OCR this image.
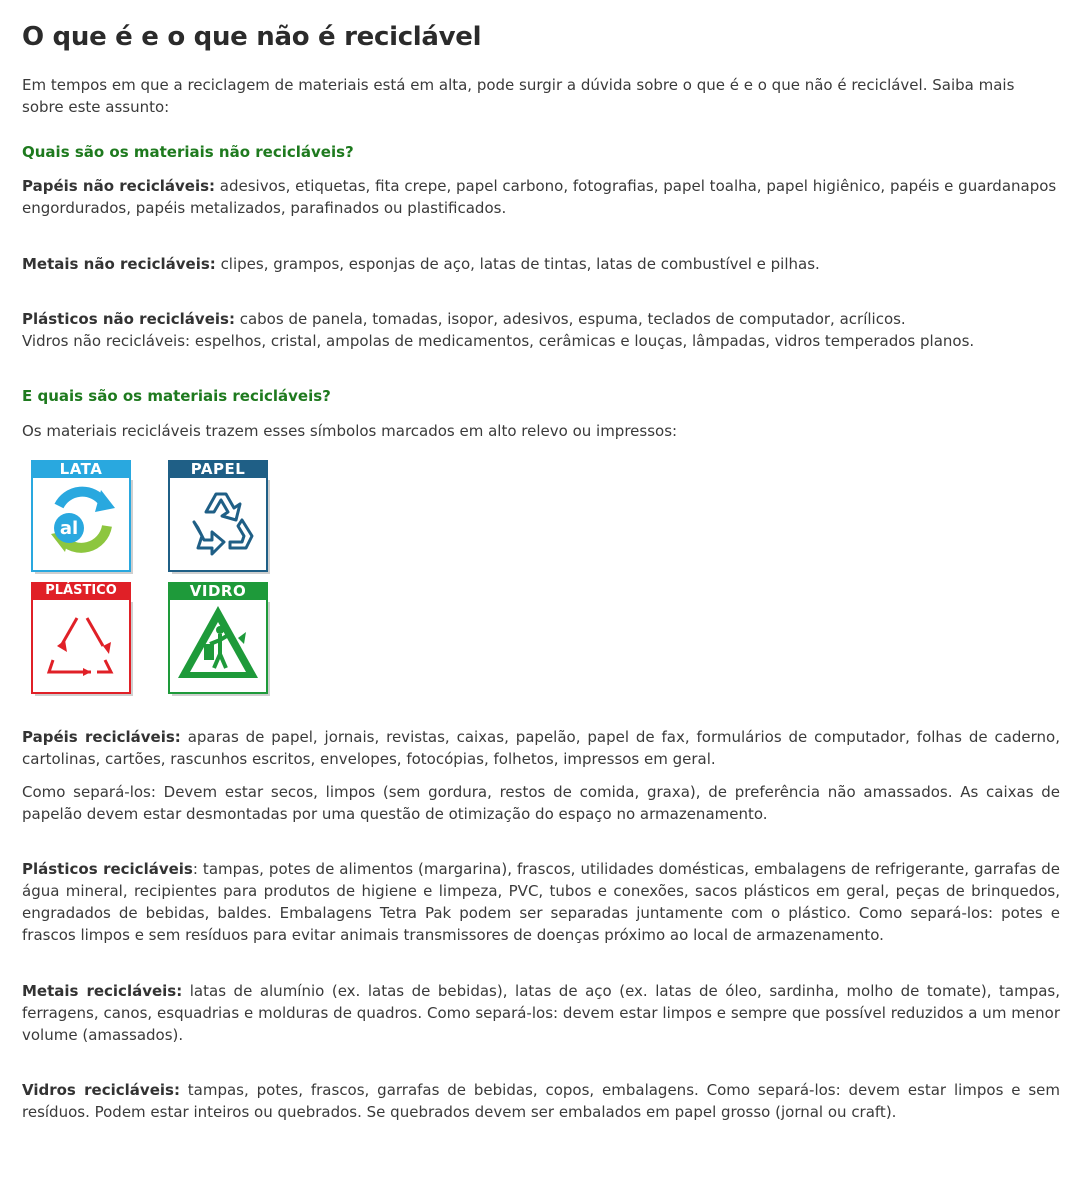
O que é e o que não é reciclável

Em tempos em que a reciclagem de materiais está em alta, pode surgir a dúvida sobre o que é e o que não é reciclável. Saiba mais sobre este assunto:

Quais são os materiais não recicláveis?

Papéis não recicláveis: adesivos, etiquetas, fita crepe, papel carbono, fotografias, papel toalha, papel higiênico, papéis e guardanapos engordurados, papéis metalizados, parafinados ou plastificados.

Metais não recicláveis: clipes, grampos, esponjas de aço, latas de tintas, latas de combustível e pilhas.

Plásticos não recicláveis: cabos de panela, tomadas, isopor, adesivos, espuma, teclados de computador, acrílicos.

Vidros não recicláveis: espelhos, cristal, ampolas de medicamentos, cerâmicas e louças, lâmpadas, vidros temperados planos.

E quais são os materiais recicláveis?

Os materiais recicláveis trazem esses símbolos marcados em alto relevo ou impressos:

LATA
al
PAPEL
PLÁSTICO	VIDRO

Papéis recicláveis: aparas de papel, jornais, revistas, caixas, papelão, papel de fax, formulários de computador, folhas de caderno, cartolinas, cartões, rascunhos escritos, envelopes, fotocópias, folhetos, impressos em geral.

Como separá-los: Devem estar secos, limpos (sem gordura, restos de comida, graxa), de preferência não amassados. As caixas de papelão devem estar desmontadas por uma questão de otimização do espaço no armazenamento.

Plásticos recicláveis: tampas, potes de alimentos (margarina), frascos, utilidades domésticas, embalagens de refrigerante, garrafas de água mineral, recipientes para produtos de higiene e limpeza, PVC, tubos e conexões, sacos plásticos em geral, peças de brinquedos, engradados de bebidas, baldes. Embalagens Tetra Pak podem ser separadas juntamente com o plástico. Como separá-los: potes e frascos limpos e sem resíduos para evitar animais transmissores de doenças próximo ao local de armazenamento.

Metais recicláveis: latas de alumínio (ex. latas de bebidas), latas de aço (ex. latas de óleo, sardinha, molho de tomate), tampas, ferragens, canos, esquadrias e molduras de quadros. Como separá-los: devem estar limpos e sempre que possível reduzidos a um menor volume (amassados).

Vidros recicláveis: tampas, potes, frascos, garrafas de bebidas, copos, embalagens. Como separá-los: devem estar limpos e sem resíduos. Podem estar inteiros ou quebrados. Se quebrados devem ser embalados em papel grosso (jornal ou craft).
